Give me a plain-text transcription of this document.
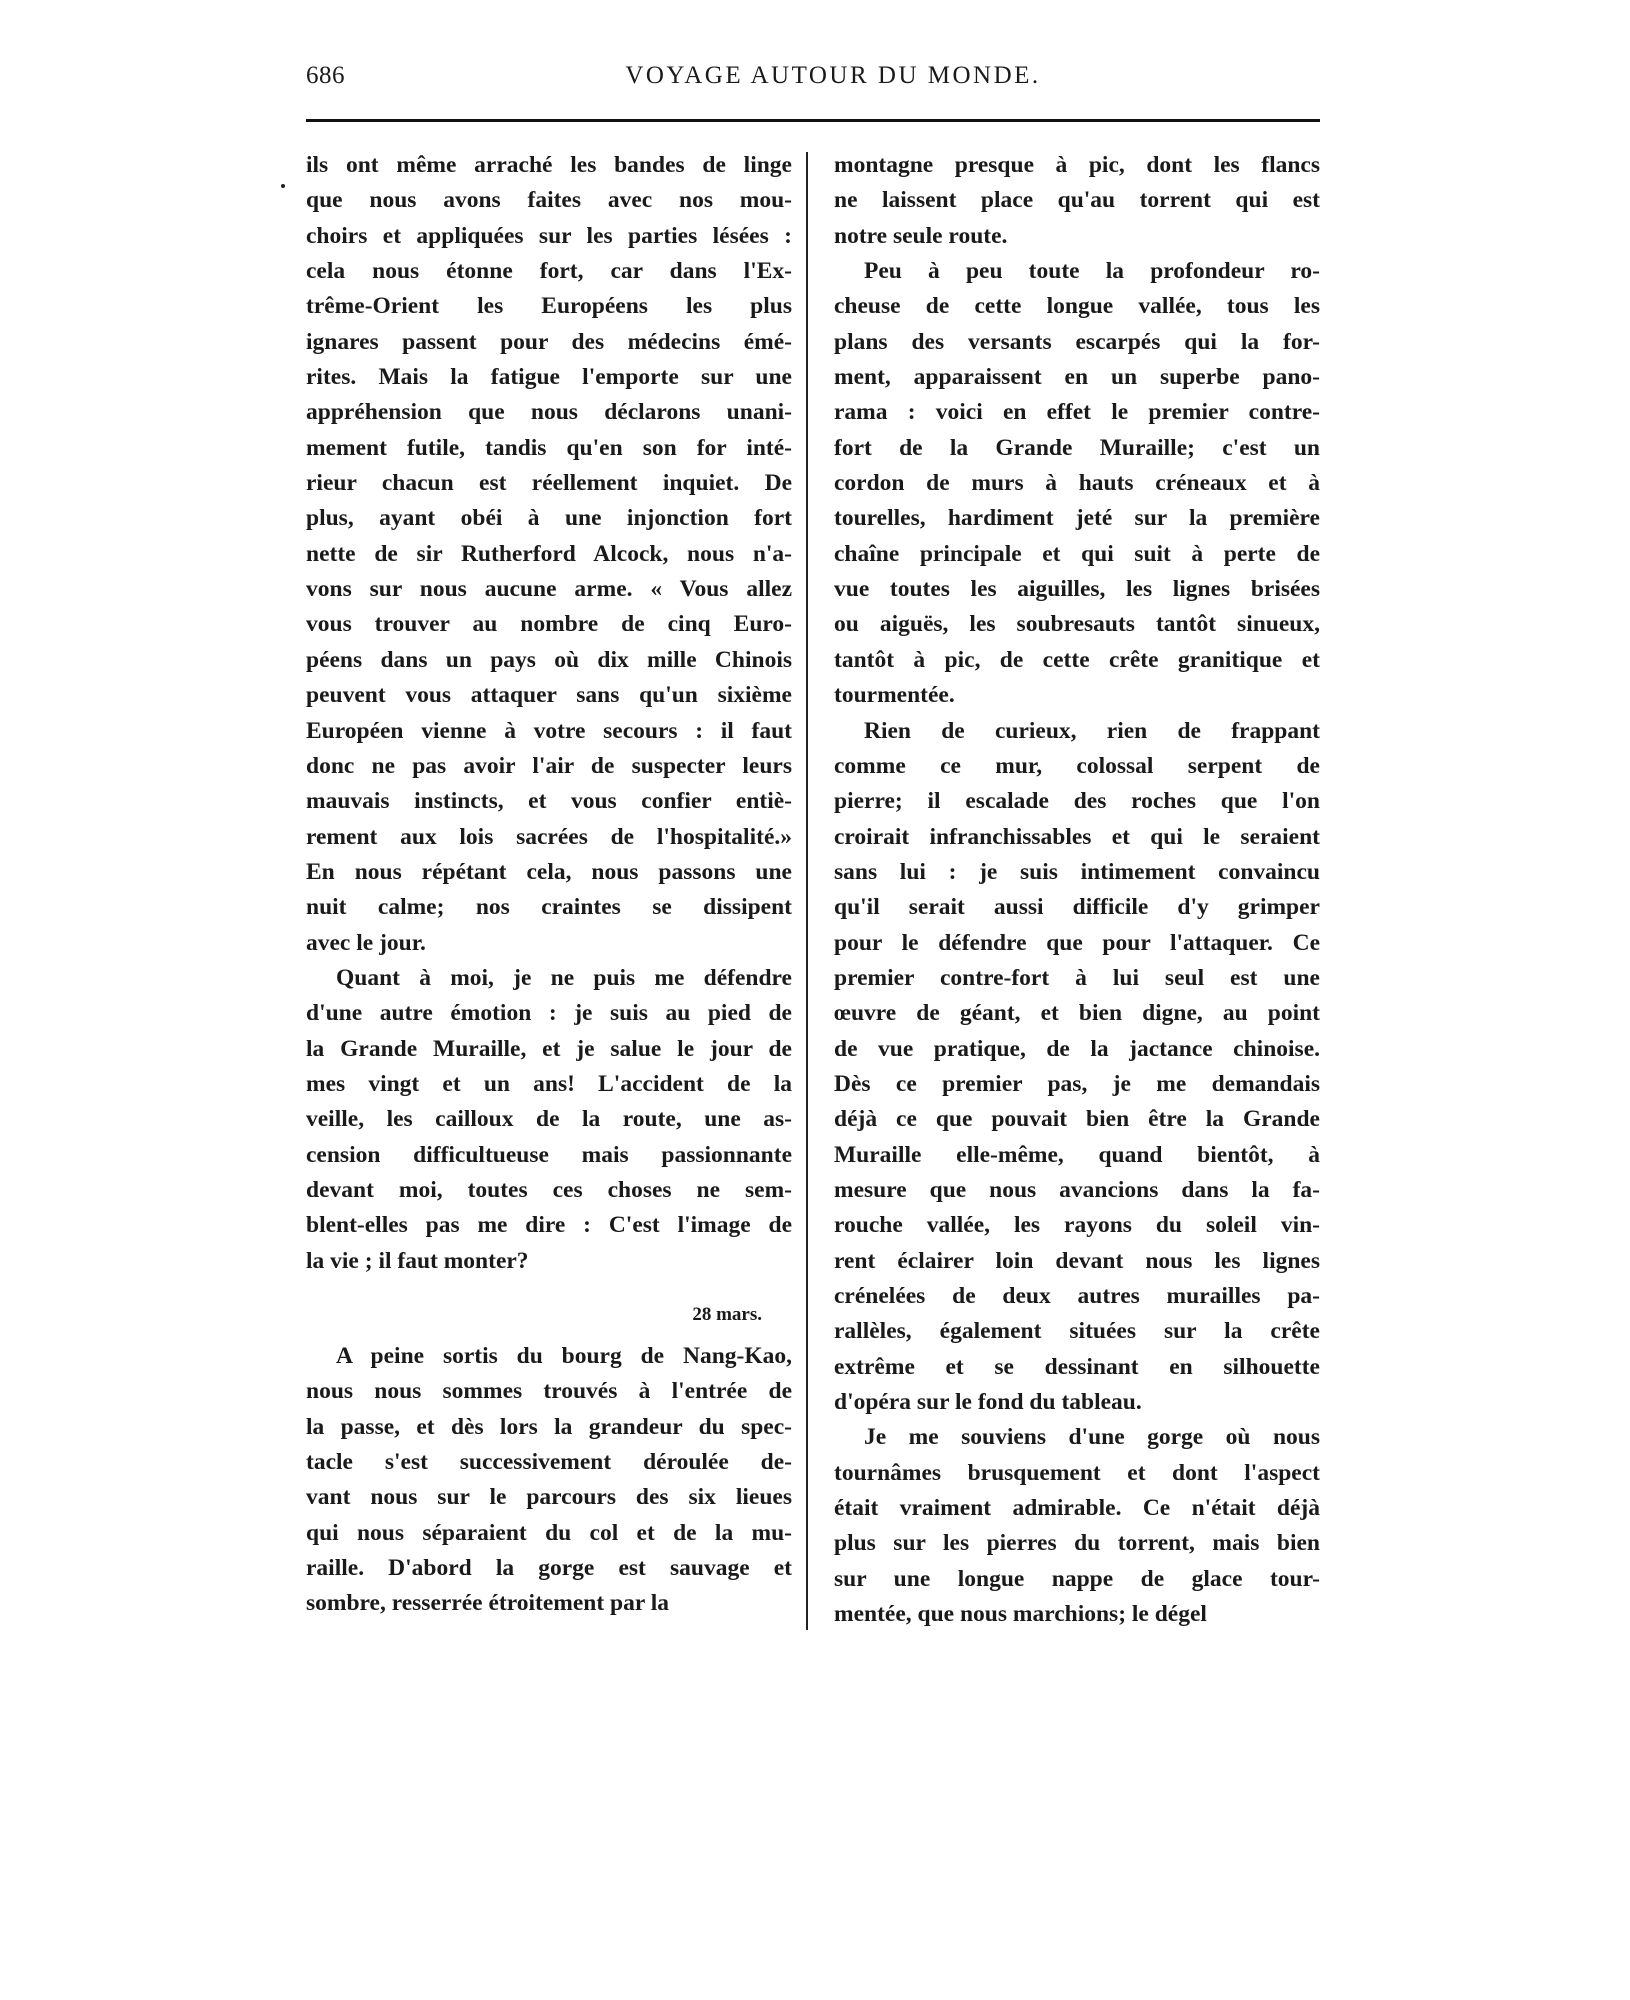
686	VOYAGE AUTOUR DU MONDE.
ils ont même arraché les bandes de linge
que nous avons faites avec nos mou-
choirs et appliquées sur les parties lésées :
cela nous étonne fort, car dans l'Ex-
trême-Orient les Européens les plus
ignares passent pour des médecins émé-
rites. Mais la fatigue l'emporte sur une
appréhension que nous déclarons unani-
mement futile, tandis qu'en son for inté-
rieur chacun est réellement inquiet. De
plus, ayant obéi à une injonction fort
nette de sir Rutherford Alcock, nous n'a-
vons sur nous aucune arme. « Vous allez
vous trouver au nombre de cinq Euro-
péens dans un pays où dix mille Chinois
peuvent vous attaquer sans qu'un sixième
Européen vienne à votre secours : il faut
donc ne pas avoir l'air de suspecter leurs
mauvais instincts, et vous confier entiè-
rement aux lois sacrées de l'hospitalité.»
En nous répétant cela, nous passons une
nuit calme; nos craintes se dissipent
avec le jour.
Quant à moi, je ne puis me défendre
d'une autre émotion : je suis au pied de
la Grande Muraille, et je salue le jour de
mes vingt et un ans! L'accident de la
veille, les cailloux de la route, une as-
cension difficultueuse mais passionnante
devant moi, toutes ces choses ne sem-
blent-elles pas me dire : C'est l'image de
la vie ; il faut monter?
28 mars.
A peine sortis du bourg de Nang-Kao,
nous nous sommes trouvés à l'entrée de
la passe, et dès lors la grandeur du spec-
tacle s'est successivement déroulée de-
vant nous sur le parcours des six lieues
qui nous séparaient du col et de la mu-
raille. D'abord la gorge est sauvage et
sombre, resserrée étroitement par la
montagne presque à pic, dont les flancs
ne laissent place qu'au torrent qui est
notre seule route.
Peu à peu toute la profondeur ro-
cheuse de cette longue vallée, tous les
plans des versants escarpés qui la for-
ment, apparaissent en un superbe pano-
rama : voici en effet le premier contre-
fort de la Grande Muraille; c'est un
cordon de murs à hauts créneaux et à
tourelles, hardiment jeté sur la première
chaîne principale et qui suit à perte de
vue toutes les aiguilles, les lignes brisées
ou aiguës, les soubresauts tantôt sinueux,
tantôt à pic, de cette crête granitique et
tourmentée.
Rien de curieux, rien de frappant
comme ce mur, colossal serpent de
pierre; il escalade des roches que l'on
croirait infranchissables et qui le seraient
sans lui : je suis intimement convaincu
qu'il serait aussi difficile d'y grimper
pour le défendre que pour l'attaquer. Ce
premier contre-fort à lui seul est une
œuvre de géant, et bien digne, au point
de vue pratique, de la jactance chinoise.
Dès ce premier pas, je me demandais
déjà ce que pouvait bien être la Grande
Muraille elle-même, quand bientôt, à
mesure que nous avancions dans la fa-
rouche vallée, les rayons du soleil vin-
rent éclairer loin devant nous les lignes
crénelées de deux autres murailles pa-
rallèles, également situées sur la crête
extrême et se dessinant en silhouette
d'opéra sur le fond du tableau.
Je me souviens d'une gorge où nous
tournâmes brusquement et dont l'aspect
était vraiment admirable. Ce n'était déjà
plus sur les pierres du torrent, mais bien
sur une longue nappe de glace tour-
mentée, que nous marchions; le dégel
